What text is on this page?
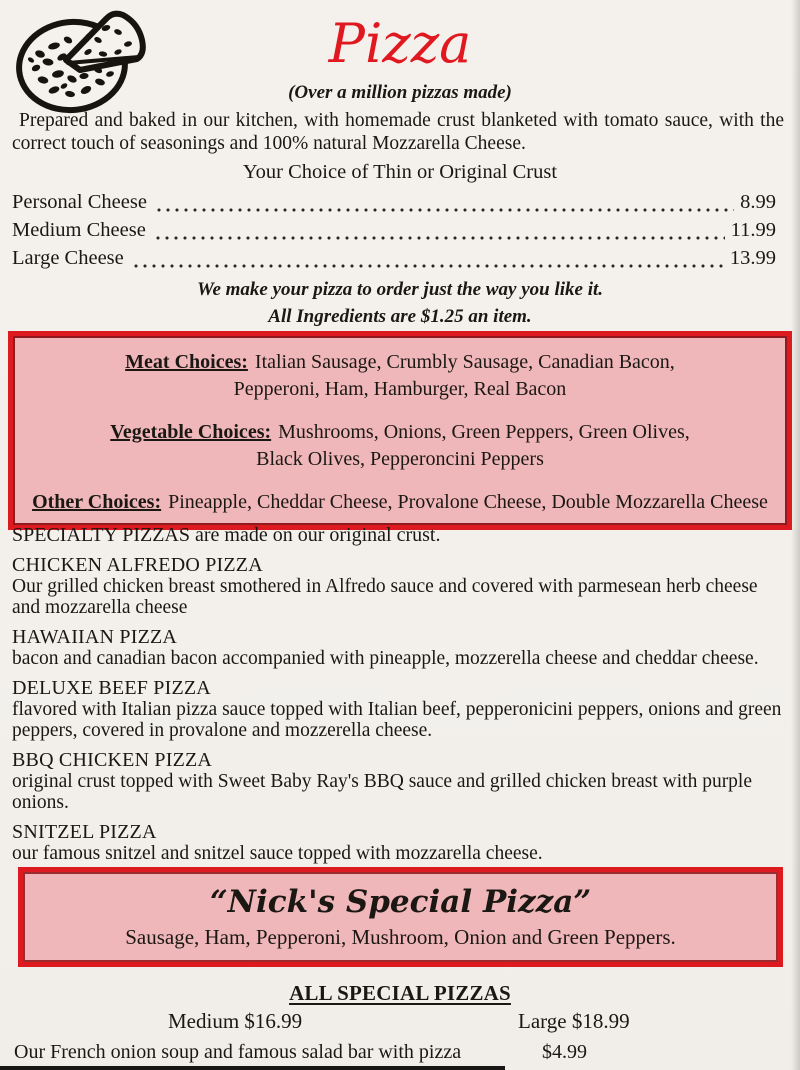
Pizza
(Over a million pizzas made)
Prepared and baked in our kitchen, with homemade crust blanketed with tomato sauce, with the correct touch of seasonings and 100% natural Mozzarella Cheese.
Your Choice of Thin or Original Crust
Personal Cheese	8.99
Medium Cheese	11.99
Large Cheese	13.99
We make your pizza to order just the way you like it.
All Ingredients are $1.25 an item.
Meat Choices: Italian Sausage, Crumbly Sausage, Canadian Bacon,
Pepperoni, Ham, Hamburger, Real Bacon
Vegetable Choices: Mushrooms, Onions, Green Peppers, Green Olives,
Black Olives, Pepperoncini Peppers
Other Choices: Pineapple, Cheddar Cheese, Provalone Cheese, Double Mozzarella Cheese
SPECIALTY PIZZAS are made on our original crust.
CHICKEN ALFREDO PIZZA
Our grilled chicken breast smothered in Alfredo sauce and covered with parmesean herb cheese and mozzarella cheese
HAWAIIAN PIZZA
bacon and canadian bacon accompanied with pineapple, mozzerella cheese and cheddar cheese.
DELUXE BEEF PIZZA
flavored with Italian pizza sauce topped with Italian beef, pepperonicini peppers, onions and green peppers, covered in provalone and mozzerella cheese.
BBQ CHICKEN PIZZA
original crust topped with Sweet Baby Ray's BBQ sauce and grilled chicken breast with purple onions.
SNITZEL PIZZA
our famous snitzel and snitzel sauce topped with mozzarella cheese.
“Nick's Special Pizza”
Sausage, Ham, Pepperoni, Mushroom, Onion and Green Peppers.
ALL SPECIAL PIZZAS
Medium $16.99	Large $18.99
Our French onion soup and famous salad bar with pizza	$4.99
